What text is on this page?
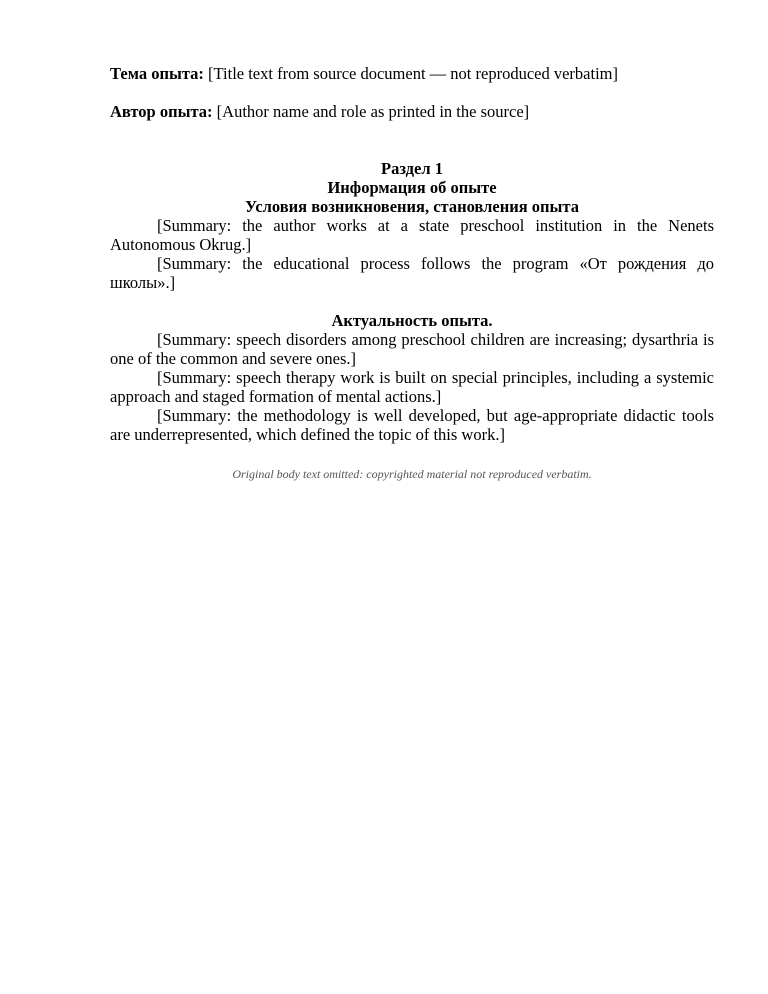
Тема опыта: [Title text from source document — not reproduced verbatim]

Автор опыта: [Author name and role as printed in the source]

Раздел 1

Информация об опыте

Условия возникновения, становления опыта

[Summary: the author works at a state preschool institution in the Nenets Autonomous Okrug.]

[Summary: the educational process follows the program «От рождения до школы».]

Актуальность опыта.

[Summary: speech disorders among preschool children are increasing; dysarthria is one of the common and severe ones.]

[Summary: speech therapy work is built on special principles, including a systemic approach and staged formation of mental actions.]

[Summary: the methodology is well developed, but age-appropriate didactic tools are underrepresented, which defined the topic of this work.]

Original body text omitted: copyrighted material not reproduced verbatim.
